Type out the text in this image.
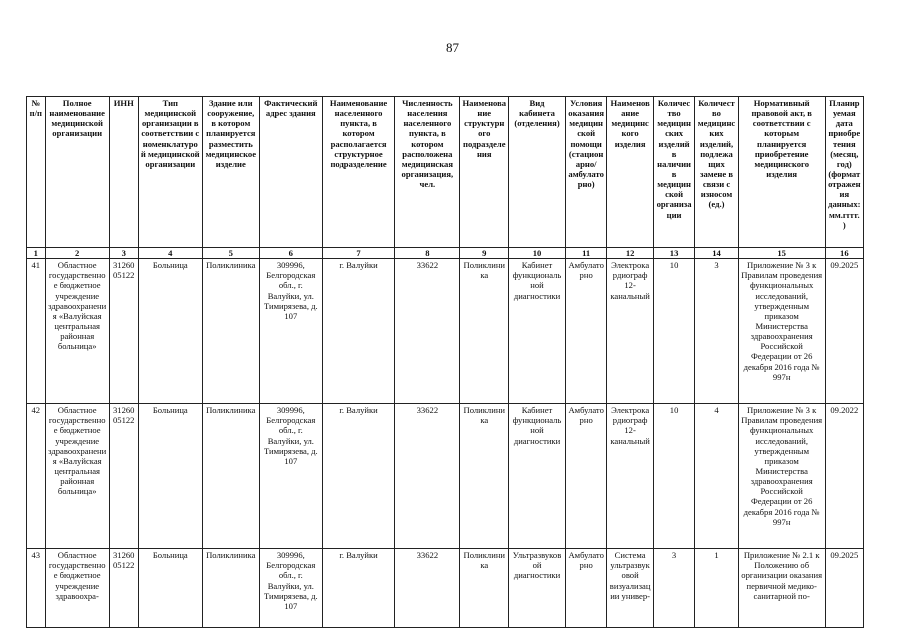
87
№ п/п	Полное наименование медицинской организации	ИНН	Тип медицинской организации в соответствии с номенклатурой медицинской организации	Здание или сооружение, в котором планируется разместить медицинское изделие	Фактический адрес здания	Наименование населенного пункта, в котором располагается структурное подразделение	Численность населения населенного пункта, в котором расположена медицинская организация, чел.	Наименование структурного подразделения	Вид кабинета (отделения)	Условия оказания медицинской помощи (стационарно/амбулаторно)	Наименование медицинского изделия	Количество медицинских изделий в наличии в медицинской организации	Количество медицинских изделий, подлежащих замене в связи с износом (ед.)	Нормативный правовой акт, в соответствии с которым планируется приобретение медицинского изделия	Планируемая дата приобретения (месяц, год) (формат отражения данных: мм.гггг.)
1	2	3	4	5	6	7	8	9	10	11	12	13	14	15	16
41	Областное государственное бюджетное учреждение здравоохранения «Валуйская центральная районная больница»	3126005122	Больница	Поликлиника	309996, Белгородская обл., г. Валуйки, ул. Тимирязева, д. 107	г. Валуйки	33622	Поликлиника	Кабинет функциональной диагностики	Амбулаторно	Электрокардиограф 12-канальный	10	3	Приложение № 3 к Правилам проведения функциональных исследований, утвержденным приказом Министерства здравоохранения Российской Федерации от 26 декабря 2016 года № 997н	09.2025
42	Областное государственное бюджетное учреждение здравоохранения «Валуйская центральная районная больница»	3126005122	Больница	Поликлиника	309996, Белгородская обл., г. Валуйки, ул. Тимирязева, д. 107	г. Валуйки	33622	Поликлиника	Кабинет функциональной диагностики	Амбулаторно	Электрокардиограф 12-канальный	10	4	Приложение № 3 к Правилам проведения функциональных исследований, утвержденным приказом Министерства здравоохранения Российской Федерации от 26 декабря 2016 года № 997н	09.2022
43	Областное государственное бюджетное учреждение здравоохра-	3126005122	Больница	Поликлиника	309996, Белгородская обл., г. Валуйки, ул. Тимирязева, д. 107	г. Валуйки	33622	Поликлиника	Ультразвуковой диагностики	Амбулаторно	Система ультразвуковой визуализации универ-	3	1	Приложение № 2.1 к Положению об организации оказания первичной медико-санитарной по-	09.2025
